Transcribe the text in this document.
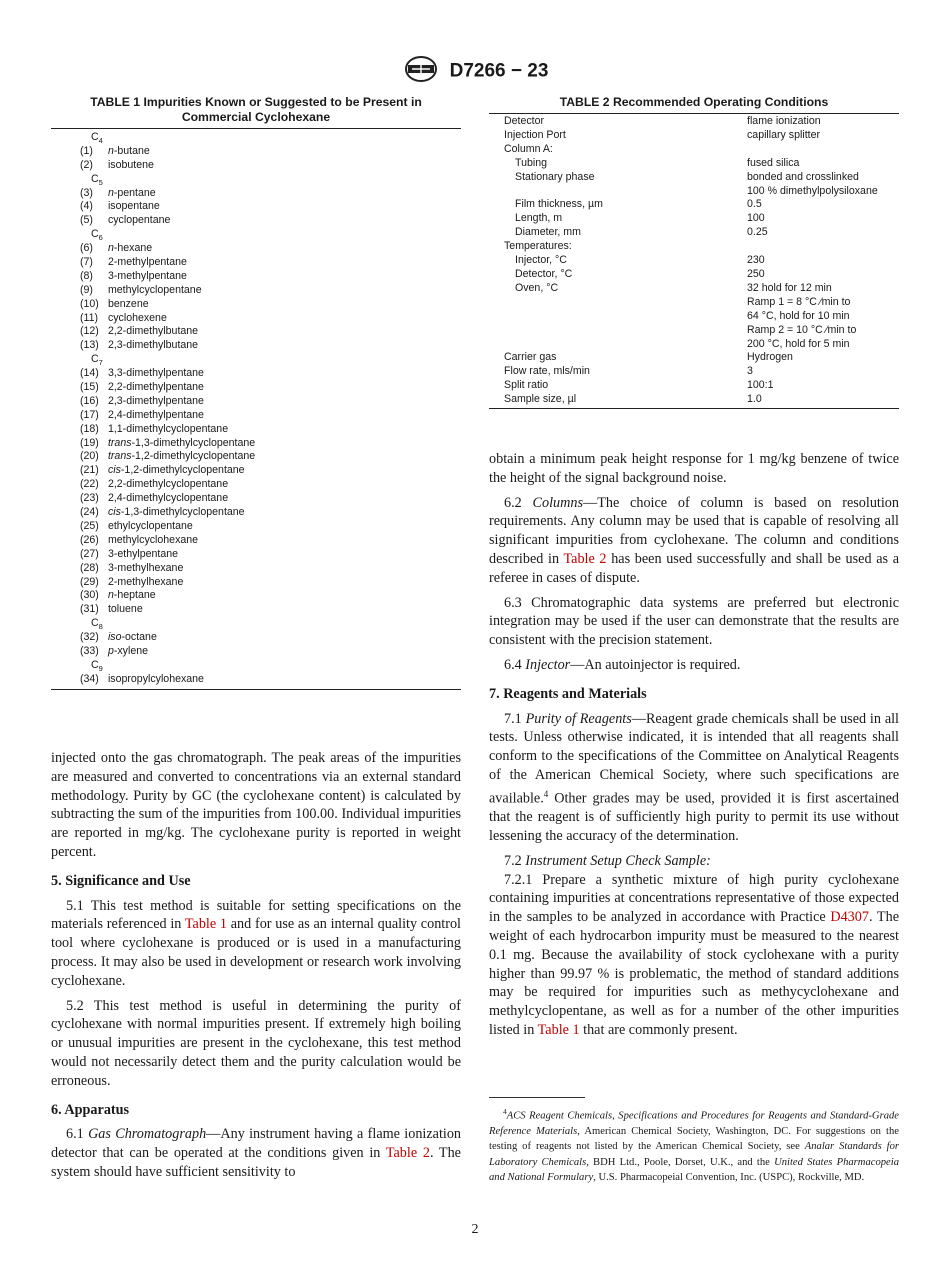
D7266 − 23
TABLE 1 Impurities Known or Suggested to be Present in
Commercial Cyclohexane
$C_4$
(1) n-butane
(2) isobutene
$C_5$
(3) n-pentane
(4) isopentane
(5) cyclopentane
$C_6$
(6) n-hexane
(7) 2-methylpentane
(8) 3-methylpentane
(9) methylcyclopentane
(10) benzene
(11) cyclohexene
(12) 2,2-dimethylbutane
(13) 2,3-dimethylbutane
$C_7$
(14) 3,3-dimethylpentane
(15) 2,2-dimethylpentane
(16) 2,3-dimethylpentane
(17) 2,4-dimethylpentane
(18) 1,1-dimethylcyclopentane
(19) trans-1,3-dimethylcyclopentane
(20) trans-1,2-dimethylcyclopentane
(21) cis-1,2-dimethylcyclopentane
(22) 2,2-dimethylcyclopentane
(23) 2,4-dimethylcyclopentane
(24) cis-1,3-dimethylcyclopentane
(25) ethylcyclopentane
(26) methylcyclohexane
(27) 3-ethylpentane
(28) 3-methylhexane
(29) 2-methylhexane
(30) n-heptane
(31) toluene
$C_8$
(32) iso-octane
(33) p-xylene
$C_9$
(34) isopropylcylohexane
TABLE 2 Recommended Operating Conditions
Detector	flame ionization
Injection Port	capillary splitter
Column A:	
Tubing	fused silica
Stationary phase	bonded and crosslinked
	100 % dimethylpolysiloxane
Film thickness, µm	0.5
Length, m	100
Diameter, mm	0.25
Temperatures:	
Injector, °C	230
Detector, °C	250
Oven, °C	32 hold for 12 min
	Ramp 1 = 8 °C ⁄min to
	64 °C, hold for 10 min
	Ramp 2 = 10 °C ⁄min to
	200 °C, hold for 5 min
Carrier gas	Hydrogen
Flow rate, mls/min	3
Split ratio	100:1
Sample size, µl	1.0

injected onto the gas chromatograph. The peak areas of the impurities are measured and converted to concentrations via an external standard methodology. Purity by GC (the cyclohexane content) is calculated by subtracting the sum of the impurities from 100.00. Individual impurities are reported in mg/kg. The cyclohexane purity is reported in weight percent.

5. Significance and Use

5.1 This test method is suitable for setting specifications on the materials referenced in Table 1 and for use as an internal quality control tool where cyclohexane is produced or is used in a manufacturing process. It may also be used in development or research work involving cyclohexane.

5.2 This test method is useful in determining the purity of cyclohexane with normal impurities present. If extremely high boiling or unusual impurities are present in the cyclohexane, this test method would not necessarily detect them and the purity calculation would be erroneous.

6. Apparatus

6.1 Gas Chromatograph—Any instrument having a flame ionization detector that can be operated at the conditions given in Table 2. The system should have sufficient sensitivity to

obtain a minimum peak height response for 1 mg/kg benzene of twice the height of the signal background noise.

6.2 Columns—The choice of column is based on resolution requirements. Any column may be used that is capable of resolving all significant impurities from cyclohexane. The column and conditions described in Table 2 has been used successfully and shall be used as a referee in cases of dispute.

6.3 Chromatographic data systems are preferred but electronic integration may be used if the user can demonstrate that the results are consistent with the precision statement.

6.4 Injector—An autoinjector is required.

7. Reagents and Materials

7.1 Purity of Reagents—Reagent grade chemicals shall be used in all tests. Unless otherwise indicated, it is intended that all reagents shall conform to the specifications of the Committee on Analytical Reagents of the American Chemical Society, where such specifications are available.$^4$ Other grades may be used, provided it is first ascertained that the reagent is of sufficiently high purity to permit its use without lessening the accuracy of the determination.

7.2 Instrument Setup Check Sample:

7.2.1 Prepare a synthetic mixture of high purity cyclohexane containing impurities at concentrations representative of those expected in the samples to be analyzed in accordance with Practice D4307. The weight of each hydrocarbon impurity must be measured to the nearest 0.1 mg. Because the availability of stock cyclohexane with a purity higher than 99.97 % is problematic, the method of standard additions may be required for impurities such as methycyclohexane and methylcyclopentane, as well as for a number of the other impurities listed in Table 1 that are commonly present.

$^4$ACS Reagent Chemicals, Specifications and Procedures for Reagents and Standard-Grade Reference Materials, American Chemical Society, Washington, DC. For suggestions on the testing of reagents not listed by the American Chemical Society, see Analar Standards for Laboratory Chemicals, BDH Ltd., Poole, Dorset, U.K., and the United States Pharmacopeia and National Formulary, U.S. Pharmacopeial Convention, Inc. (USPC), Rockville, MD.
2
